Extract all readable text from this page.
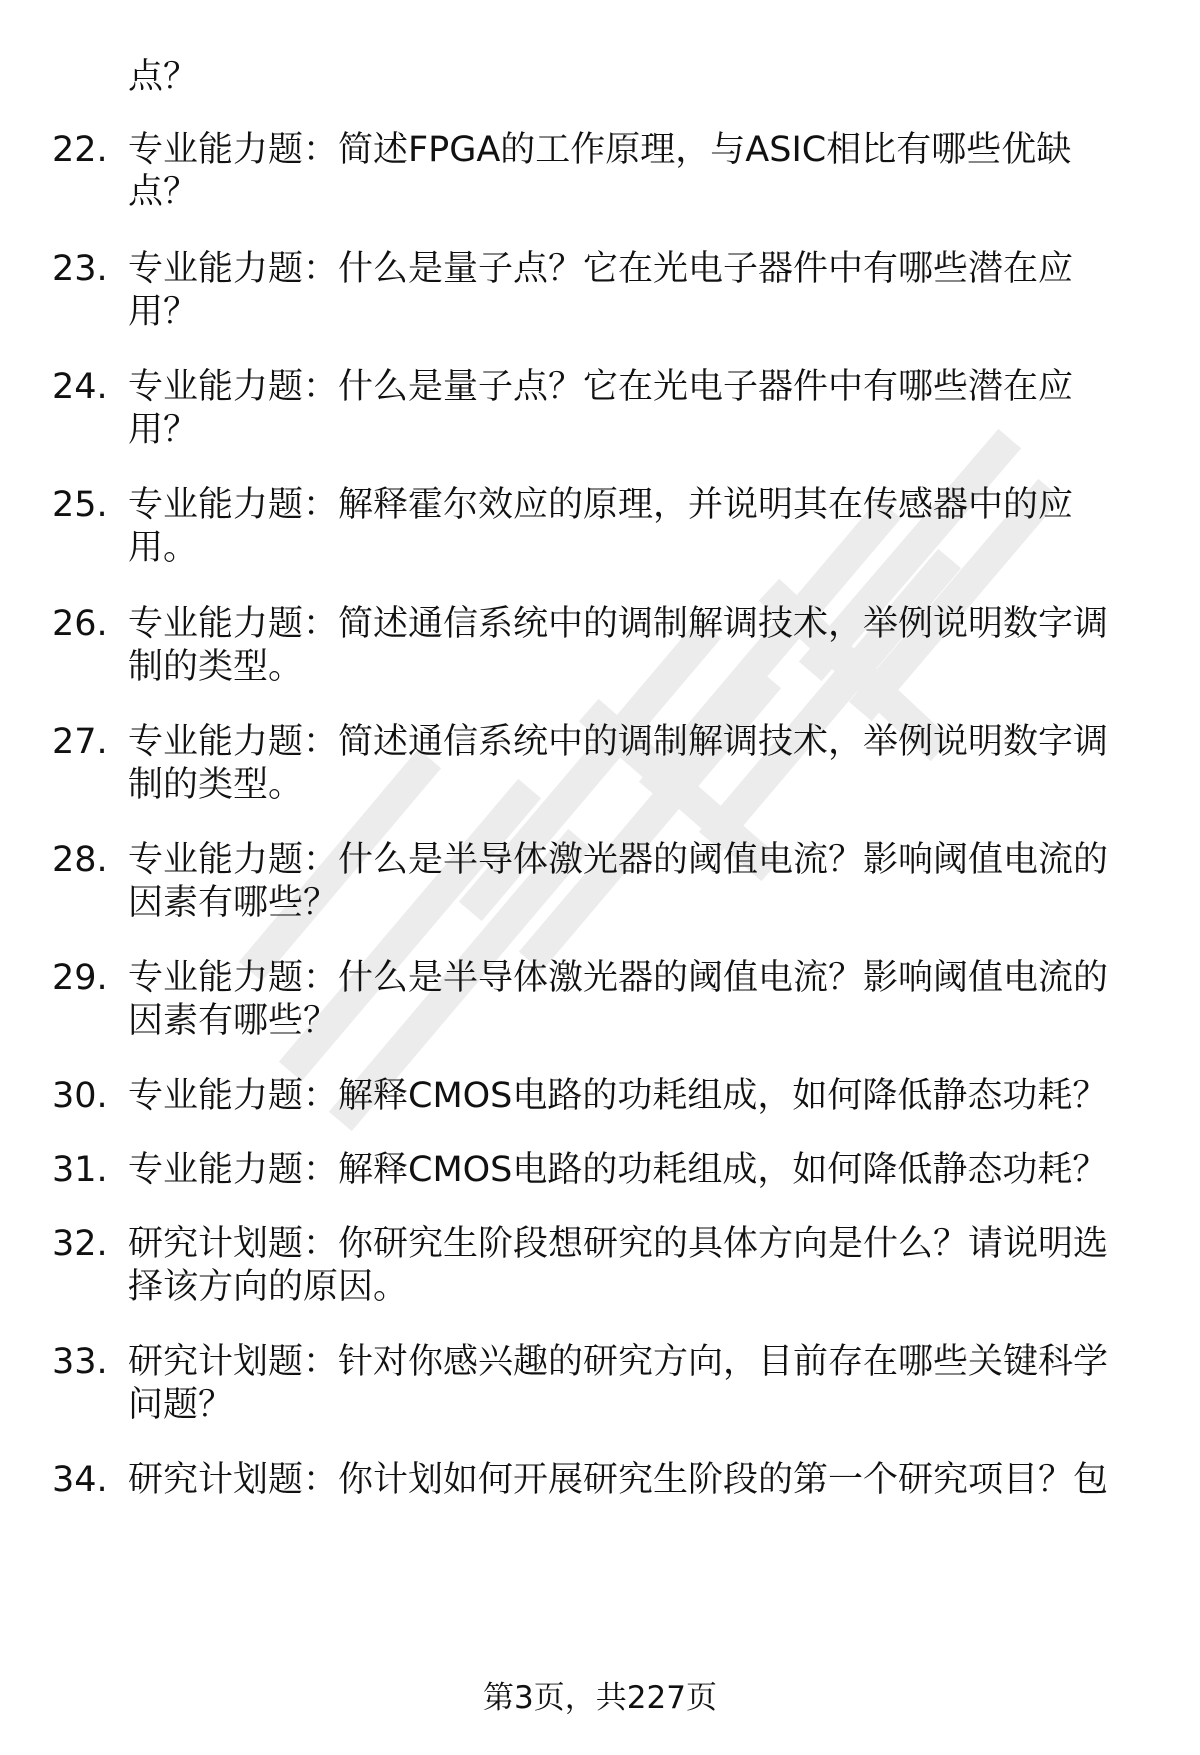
点？
22. 专业能力题：简述FPGA的工作原理，与ASIC相比有哪些优缺
点？
23. 专业能力题：什么是量子点？它在光电子器件中有哪些潜在应
用？
24. 专业能力题：什么是量子点？它在光电子器件中有哪些潜在应
用？
25. 专业能力题：解释霍尔效应的原理，并说明其在传感器中的应
用。
26. 专业能力题：简述通信系统中的调制解调技术，举例说明数字调
制的类型。
27. 专业能力题：简述通信系统中的调制解调技术，举例说明数字调
制的类型。
28. 专业能力题：什么是半导体激光器的阈值电流？影响阈值电流的
因素有哪些？
29. 专业能力题：什么是半导体激光器的阈值电流？影响阈值电流的
因素有哪些？
30. 专业能力题：解释CMOS电路的功耗组成，如何降低静态功耗？
31. 专业能力题：解释CMOS电路的功耗组成，如何降低静态功耗？
32. 研究计划题：你研究生阶段想研究的具体方向是什么？请说明选
择该方向的原因。
33. 研究计划题：针对你感兴趣的研究方向，目前存在哪些关键科学
问题？
34. 研究计划题：你计划如何开展研究生阶段的第一个研究项目？包
第3页，共227页
